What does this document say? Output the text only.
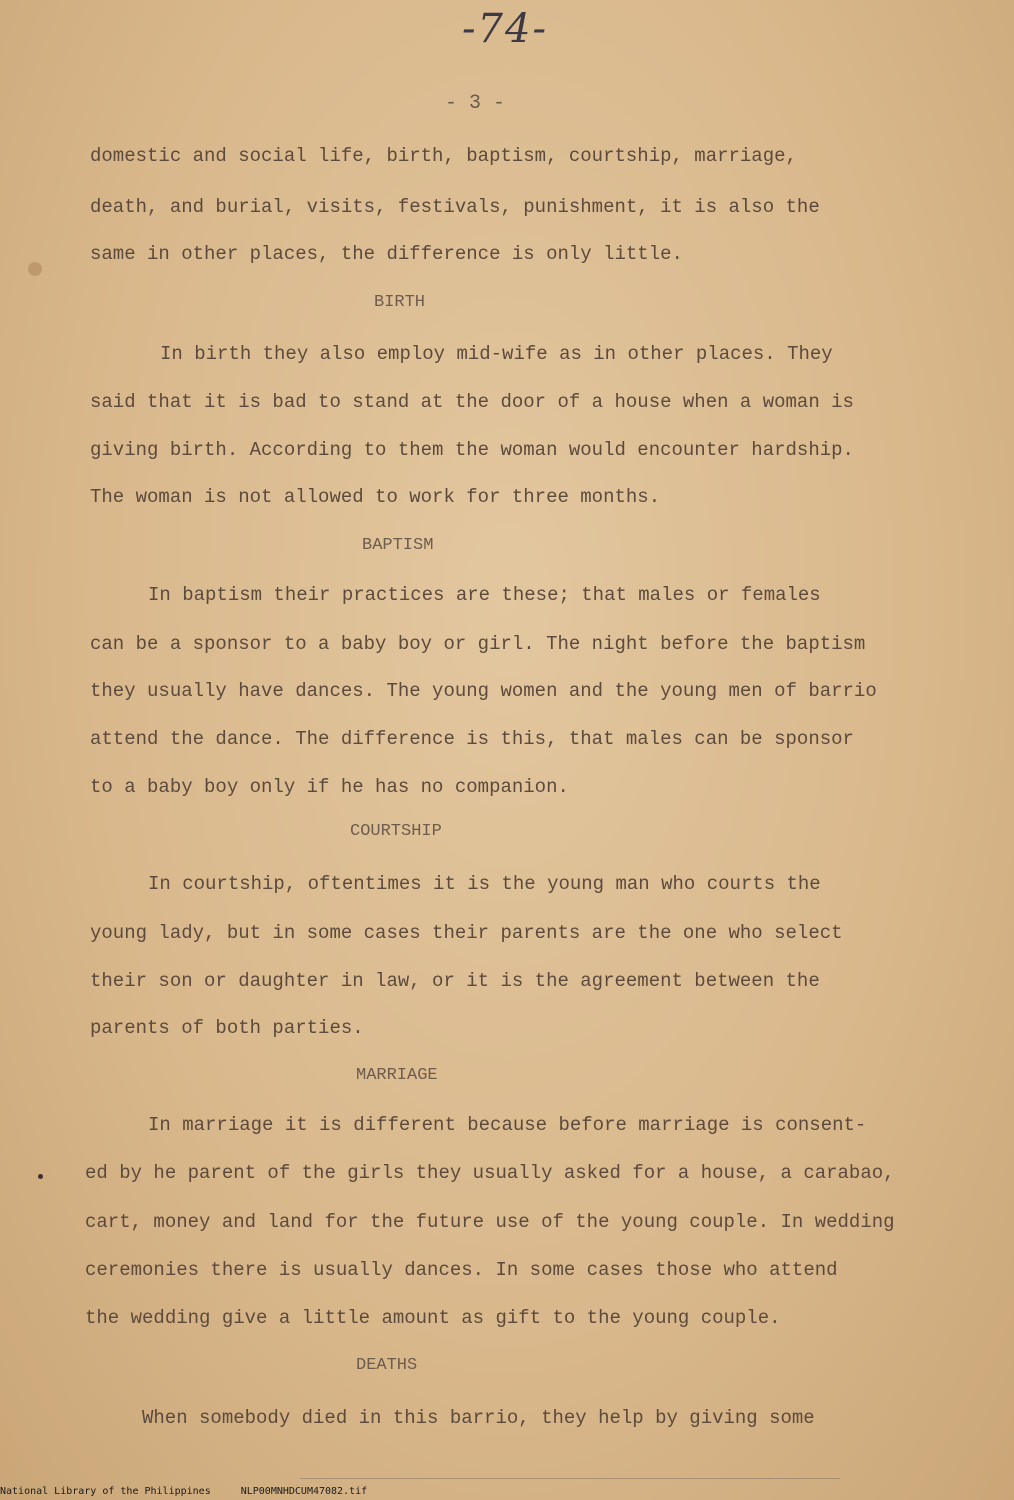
-74-
- 3 -
domestic and social life, birth, baptism, courtship, marriage,
death, and burial, visits, festivals, punishment, it is also the
same in other places, the difference is only little.
BIRTH
In birth they also employ mid-wife as in other places. They
said that it is bad to stand at the door of a house when a woman is
giving birth. According to them the woman would encounter hardship.
The woman is not allowed to work for three months.
BAPTISM
In baptism their practices are these; that males or females
can be a sponsor to a baby boy or girl. The night before the baptism
they usually have dances. The young women and the young men of barrio
attend the dance. The difference is this, that males can be sponsor
to a baby boy only if he has no companion.
COURTSHIP
In courtship, oftentimes it is the young man who courts the
young lady, but in some cases their parents are the one who select
their son or daughter in law, or it is the agreement between the
parents of both parties.
MARRIAGE
In marriage it is different because before marriage is consent-
ed by he parent of the girls they usually asked for a house, a carabao,
cart, money and land for the future use of the young couple. In wedding
ceremonies there is usually dances. In some cases those who attend
the wedding give a little amount as gift to the young couple.
DEATHS
When somebody died in this barrio, they help by giving some
National Library of the Philippines	NLP00MNHDCUM47082.tif
